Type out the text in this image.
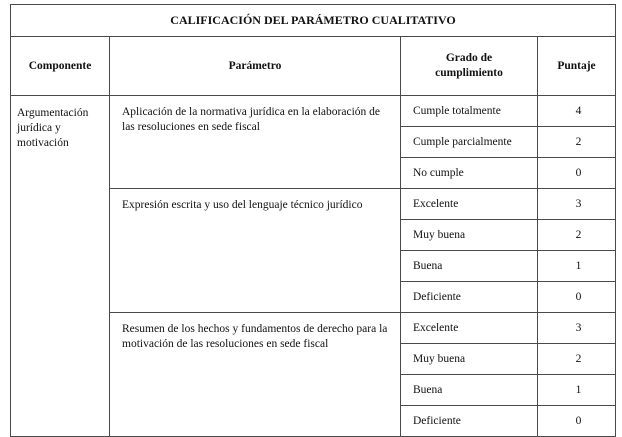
CALIFICACIÓN DEL PARÁMETRO CUALITATIVO			
Componente	Parámetro	Grado de cumplimiento	Puntaje
Argumentación jurídica y motivación	Aplicación de la normativa jurídica en la elaboración de las resoluciones en sede fiscal	Cumple totalmente	4
		Cumple parcialmente	2
		No cumple	0
	Expresión escrita y uso del lenguaje técnico jurídico	Excelente	3
		Muy buena	2
		Buena	1
		Deficiente	0
	Resumen de los hechos y fundamentos de derecho para la motivación de las resoluciones en sede fiscal	Excelente	3
		Muy buena	2
		Buena	1
		Deficiente	0
